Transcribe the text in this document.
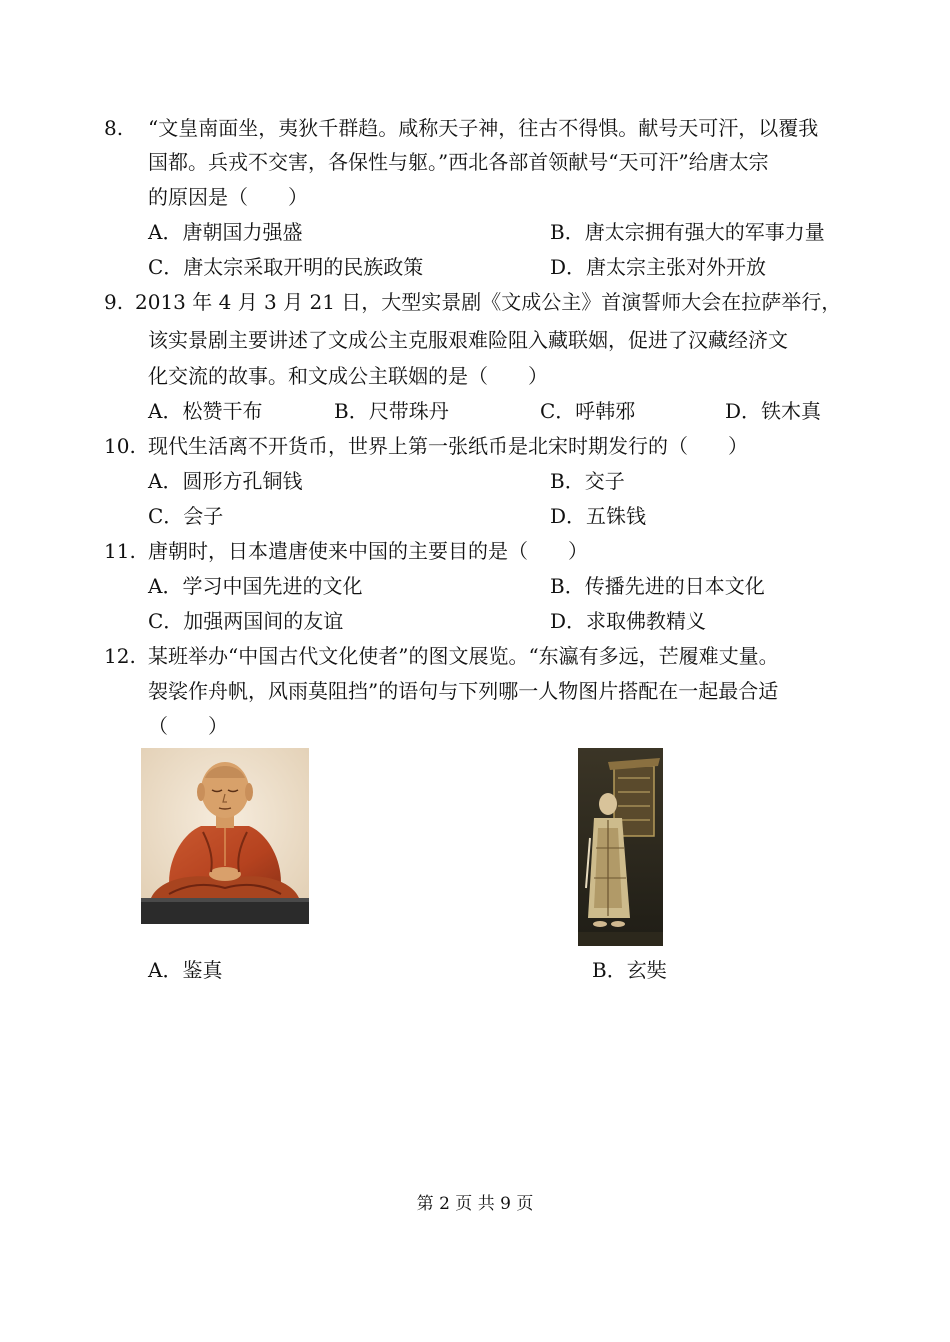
8. “文皇南面坐，夷狄千群趋。咸称天子神，往古不得惧。献号天可汗，以覆我
国都。兵戎不交害，各保性与躯。”西北各部首领献号“天可汗”给唐太宗
的原因是（　　）
A．唐朝国力强盛	B．唐太宗拥有强大的军事力量
C．唐太宗采取开明的民族政策	D．唐太宗主张对外开放
9. 2013 年 4 月 3 月 21 日，大型实景剧《文成公主》首演誓师大会在拉萨举行，
该实景剧主要讲述了文成公主克服艰难险阻入藏联姻，促进了汉藏经济文
化交流的故事。和文成公主联姻的是（　　）
A．松赞干布	B．尺带珠丹	C．呼韩邪	D．铁木真
10. 现代生活离不开货币，世界上第一张纸币是北宋时期发行的（　　）
A．圆形方孔铜钱	B．交子
C．会子	D．五铢钱
11. 唐朝时，日本遣唐使来中国的主要目的是（　　）
A．学习中国先进的文化	B．传播先进的日本文化
C．加强两国间的友谊	D．求取佛教精义
12. 某班举办“中国古代文化使者”的图文展览。“东瀛有多远，芒履难丈量。
袈裟作舟帆，风雨莫阻挡”的语句与下列哪一人物图片搭配在一起最合适
（　　）
A．鉴真	B．玄奘
第 2 页 共 9 页
